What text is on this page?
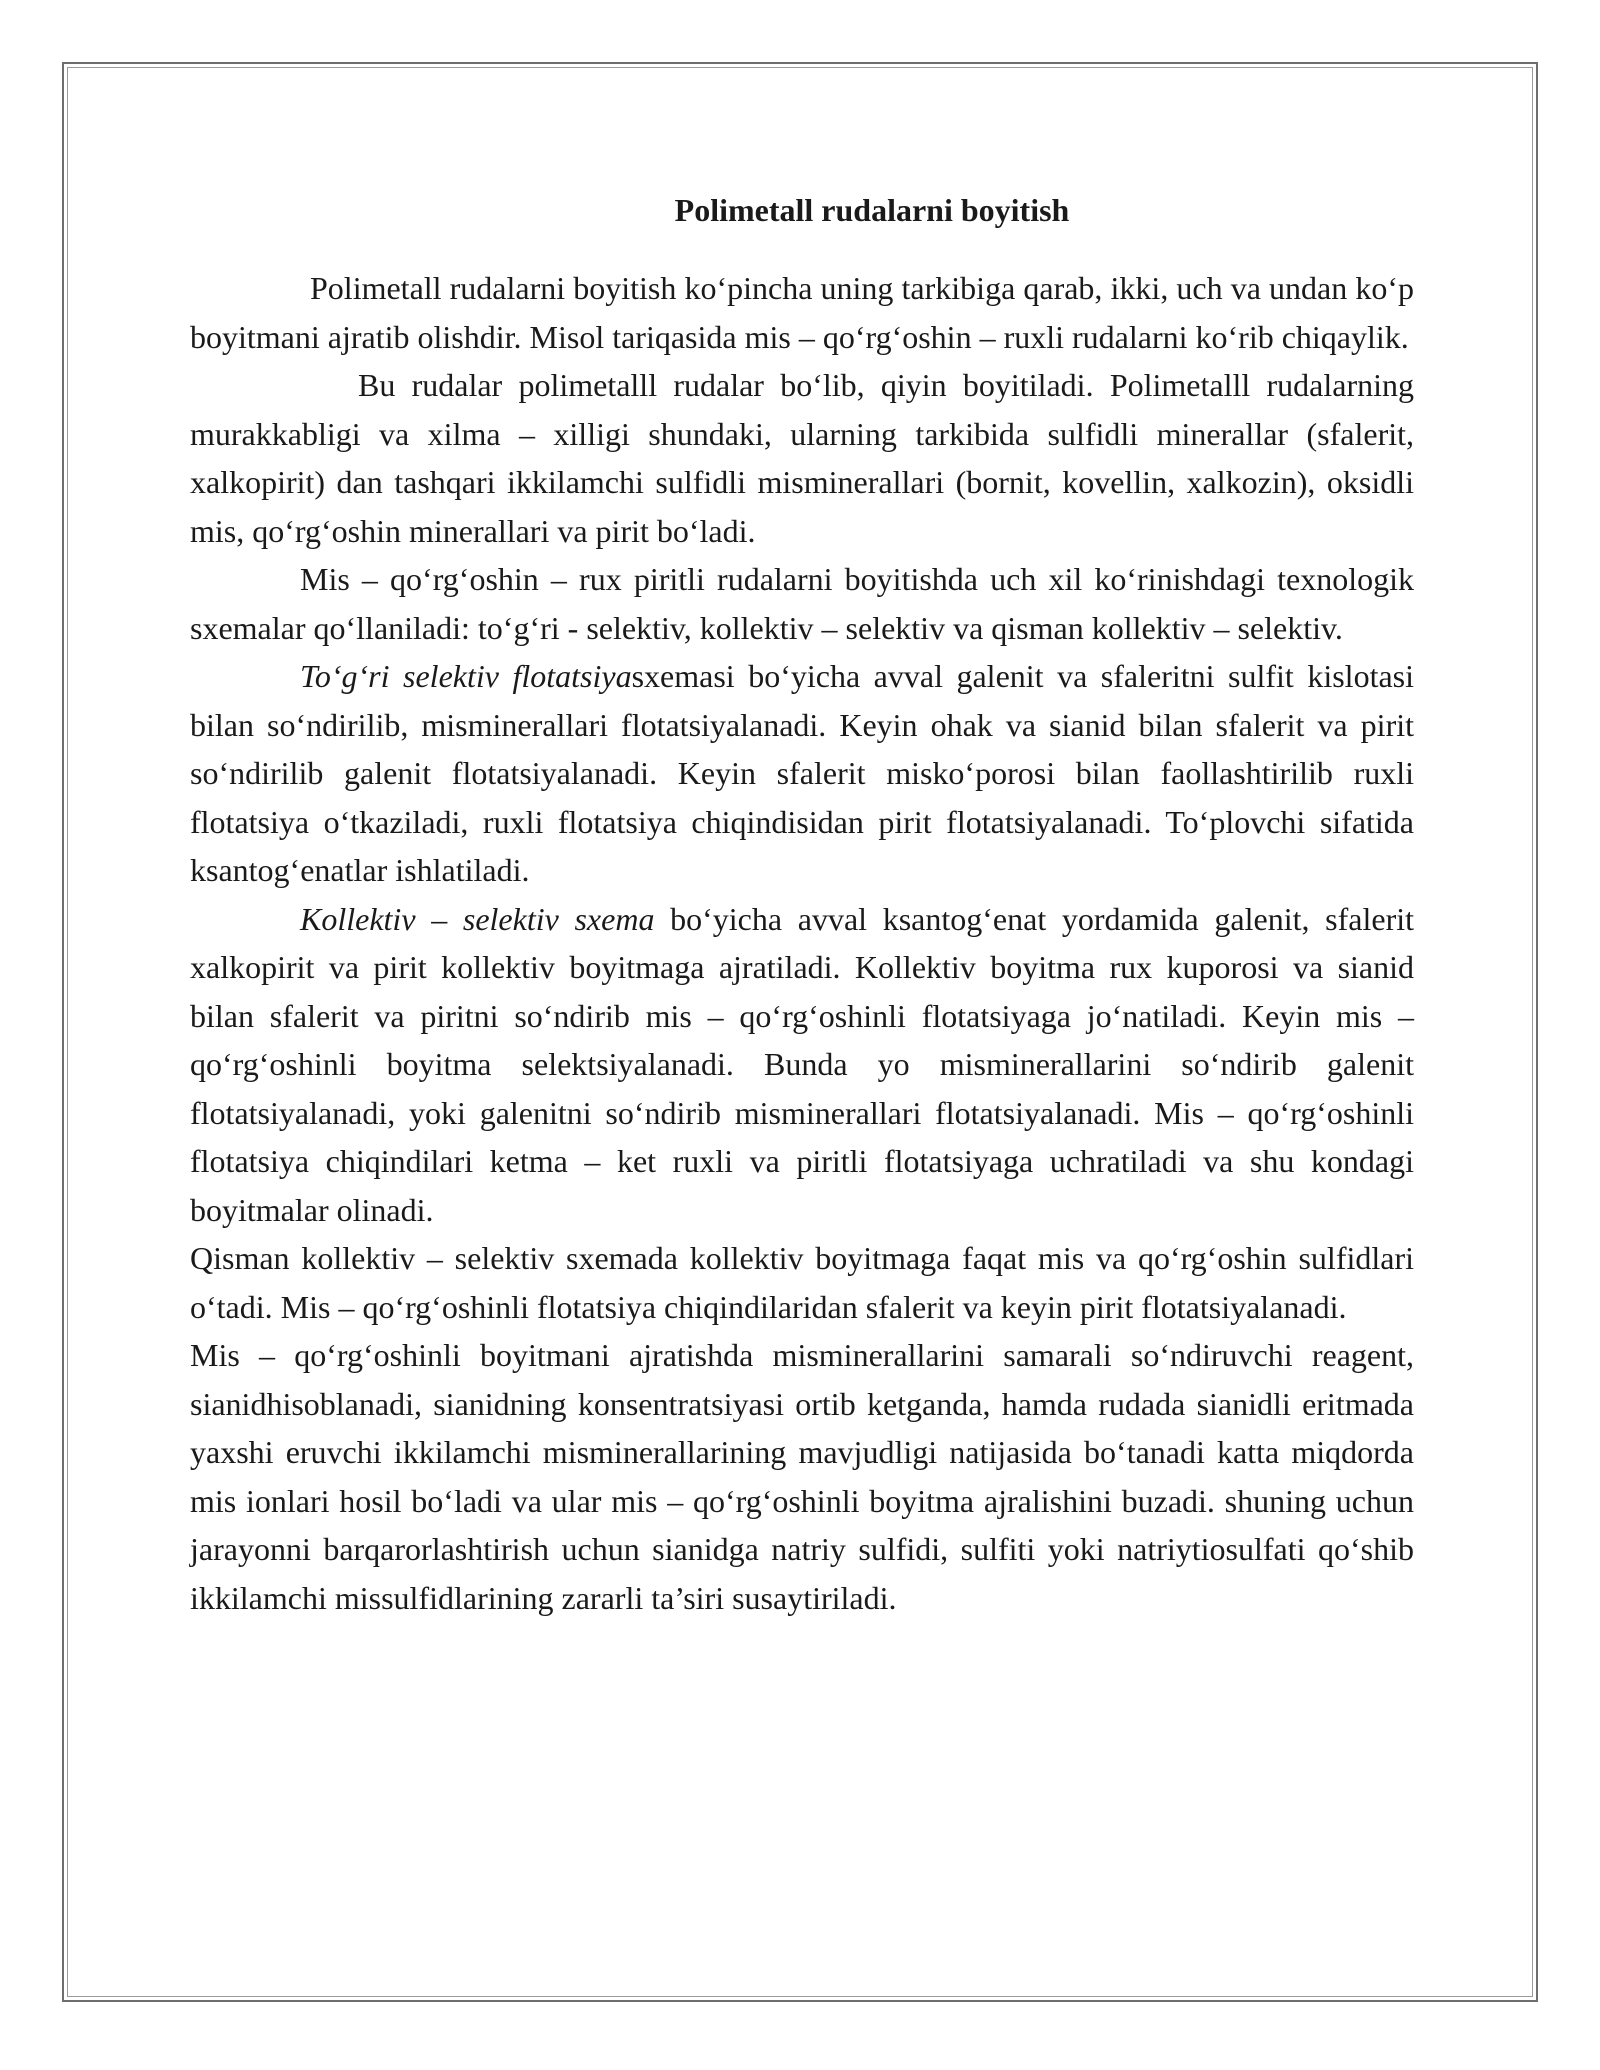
Polimetall rudalarni boyitish

Polimetall rudalarni boyitish ko‘pincha uning tarkibiga qarab, ikki, uch va undan ko‘p boyitmani ajratib olishdir. Misol tariqasida mis – qo‘rg‘oshin – ruxli rudalarni ko‘rib chiqaylik.

Bu rudalar polimetalll rudalar bo‘lib, qiyin boyitiladi. Polimetalll rudalarning murakkabligi va xilma – xilligi shundaki, ularning tarkibida sulfidli minerallar (sfalerit, xalkopirit) dan tashqari ikkilamchi sulfidli misminerallari (bornit, kovellin, xalkozin), oksidli mis, qo‘rg‘oshin minerallari va pirit bo‘ladi.

Mis – qo‘rg‘oshin – rux piritli rudalarni boyitishda uch xil ko‘rinishdagi texnologik sxemalar qo‘llaniladi: to‘g‘ri - selektiv, kollektiv – selektiv va qisman kollektiv – selektiv.

To‘g‘ri selektiv flotatsiyasxemasi bo‘yicha avval galenit va sfaleritni sulfit kislotasi bilan so‘ndirilib, misminerallari flotatsiyalanadi. Keyin ohak va sianid bilan sfalerit va pirit so‘ndirilib galenit flotatsiyalanadi. Keyin sfalerit misko‘porosi bilan faollashtirilib ruxli flotatsiya o‘tkaziladi, ruxli flotatsiya chiqindisidan pirit flotatsiyalanadi. To‘plovchi sifatida ksantog‘enatlar ishlatiladi.

Kollektiv – selektiv sxema bo‘yicha avval ksantog‘enat yordamida galenit, sfalerit xalkopirit va pirit kollektiv boyitmaga ajratiladi. Kollektiv boyitma rux kuporosi va sianid bilan sfalerit va piritni so‘ndirib mis – qo‘rg‘oshinli flotatsiyaga jo‘natiladi. Keyin mis – qo‘rg‘oshinli boyitma selektsiyalanadi. Bunda yo misminerallarini so‘ndirib galenit flotatsiyalanadi, yoki galenitni so‘ndirib misminerallari flotatsiyalanadi. Mis – qo‘rg‘oshinli flotatsiya chiqindilari ketma – ket ruxli va piritli flotatsiyaga uchratiladi va shu kondagi boyitmalar olinadi.

Qisman kollektiv – selektiv sxemada kollektiv boyitmaga faqat mis va qo‘rg‘oshin sulfidlari o‘tadi. Mis – qo‘rg‘oshinli flotatsiya chiqindilaridan sfalerit va keyin pirit flotatsiyalanadi.

Mis – qo‘rg‘oshinli boyitmani ajratishda misminerallarini samarali so‘ndiruvchi reagent, sianidhisoblanadi, sianidning konsentratsiyasi ortib ketganda, hamda rudada sianidli eritmada yaxshi eruvchi ikkilamchi misminerallarining mavjudligi natijasida bo‘tanadi katta miqdorda mis ionlari hosil bo‘ladi va ular mis – qo‘rg‘oshinli boyitma ajralishini buzadi. shuning uchun jarayonni barqarorlashtirish uchun sianidga natriy sulfidi, sulfiti yoki natriytiosulfati qo‘shib ikkilamchi missulfidlarining zararli ta’siri susaytiriladi.
